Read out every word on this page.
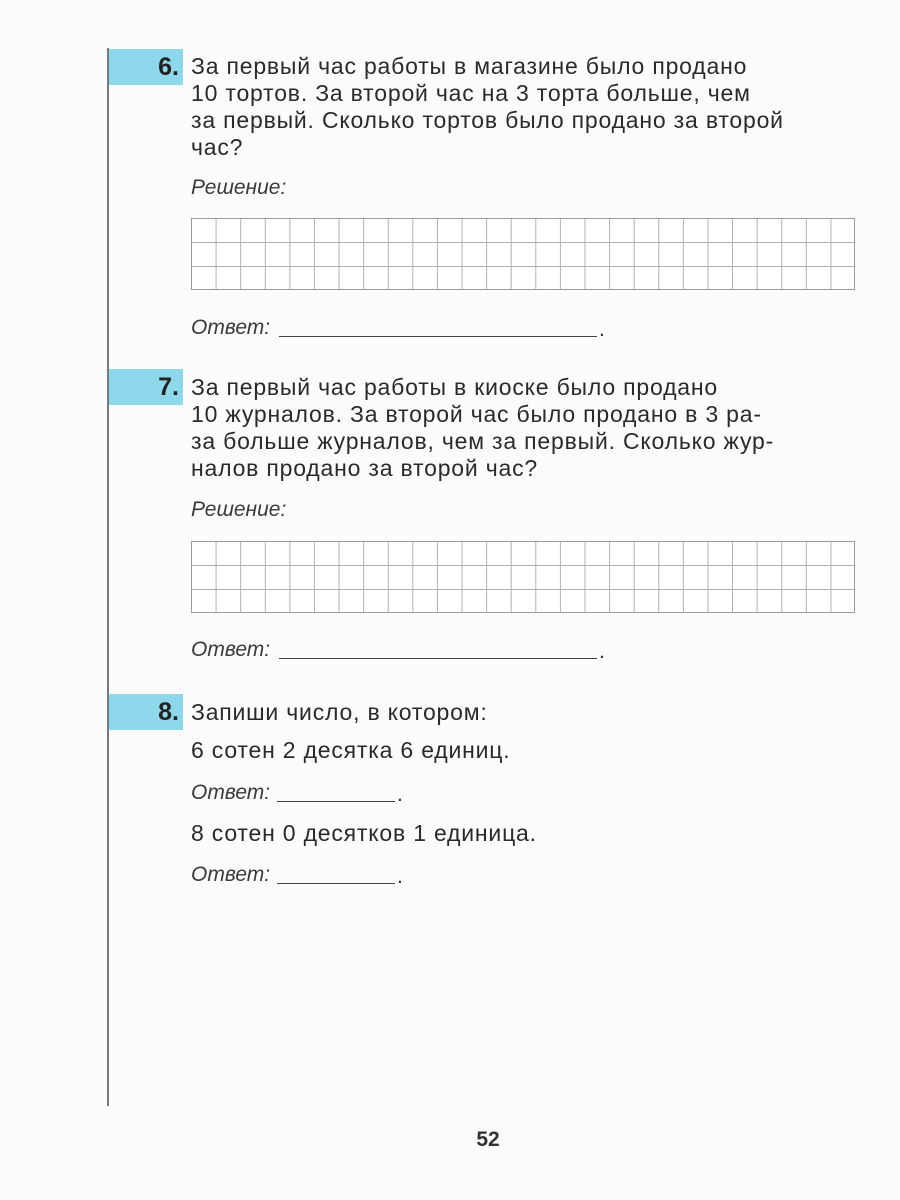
6. За первый час работы в магазине было продано
10 тортов. За второй час на 3 торта больше, чем
за первый. Сколько тортов было продано за второй
час?
Решение:
Ответ:	.
7. За первый час работы в киоске было продано
10 журналов. За второй час было продано в 3 ра-
за больше журналов, чем за первый. Сколько жур-
налов продано за второй час?
Решение:
Ответ:	.
8. Запиши число, в котором:
6 сотен 2 десятка 6 единиц.
Ответ:	.
8 сотен 0 десятков 1 единица.
Ответ:	.
52
